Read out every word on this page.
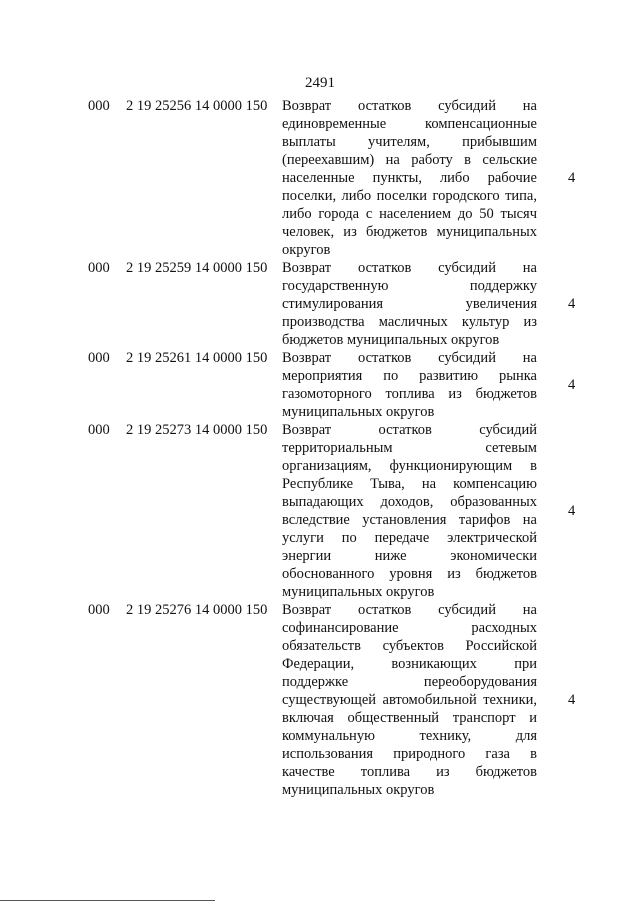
2491
000 2 19 25256 14 0000 150 Возврат остатков субсидий на
единовременные компенсационные
выплаты учителям, прибывшим
(переехавшим) на работу в сельские
населенные пункты, либо рабочие
поселки, либо поселки городского типа,
либо города с населением до 50 тысяч
человек, из бюджетов муниципальных
округов
4
000 2 19 25259 14 0000 150 Возврат остатков субсидий на
государственную поддержку
стимулирования увеличения
производства масличных культур из
бюджетов муниципальных округов
4
000 2 19 25261 14 0000 150 Возврат остатков субсидий на
мероприятия по развитию рынка
газомоторного топлива из бюджетов
муниципальных округов
4
000 2 19 25273 14 0000 150 Возврат остатков субсидий
территориальным сетевым
организациям, функционирующим в
Республике Тыва, на компенсацию
выпадающих доходов, образованных
вследствие установления тарифов на
услуги по передаче электрической
энергии ниже экономически
обоснованного уровня из бюджетов
муниципальных округов
4
000 2 19 25276 14 0000 150 Возврат остатков субсидий на
софинансирование расходных
обязательств субъектов Российской
Федерации, возникающих при
поддержке переоборудования
существующей автомобильной техники,
включая общественный транспорт и
коммунальную технику, для
использования природного газа в
качестве топлива из бюджетов
муниципальных округов
4
